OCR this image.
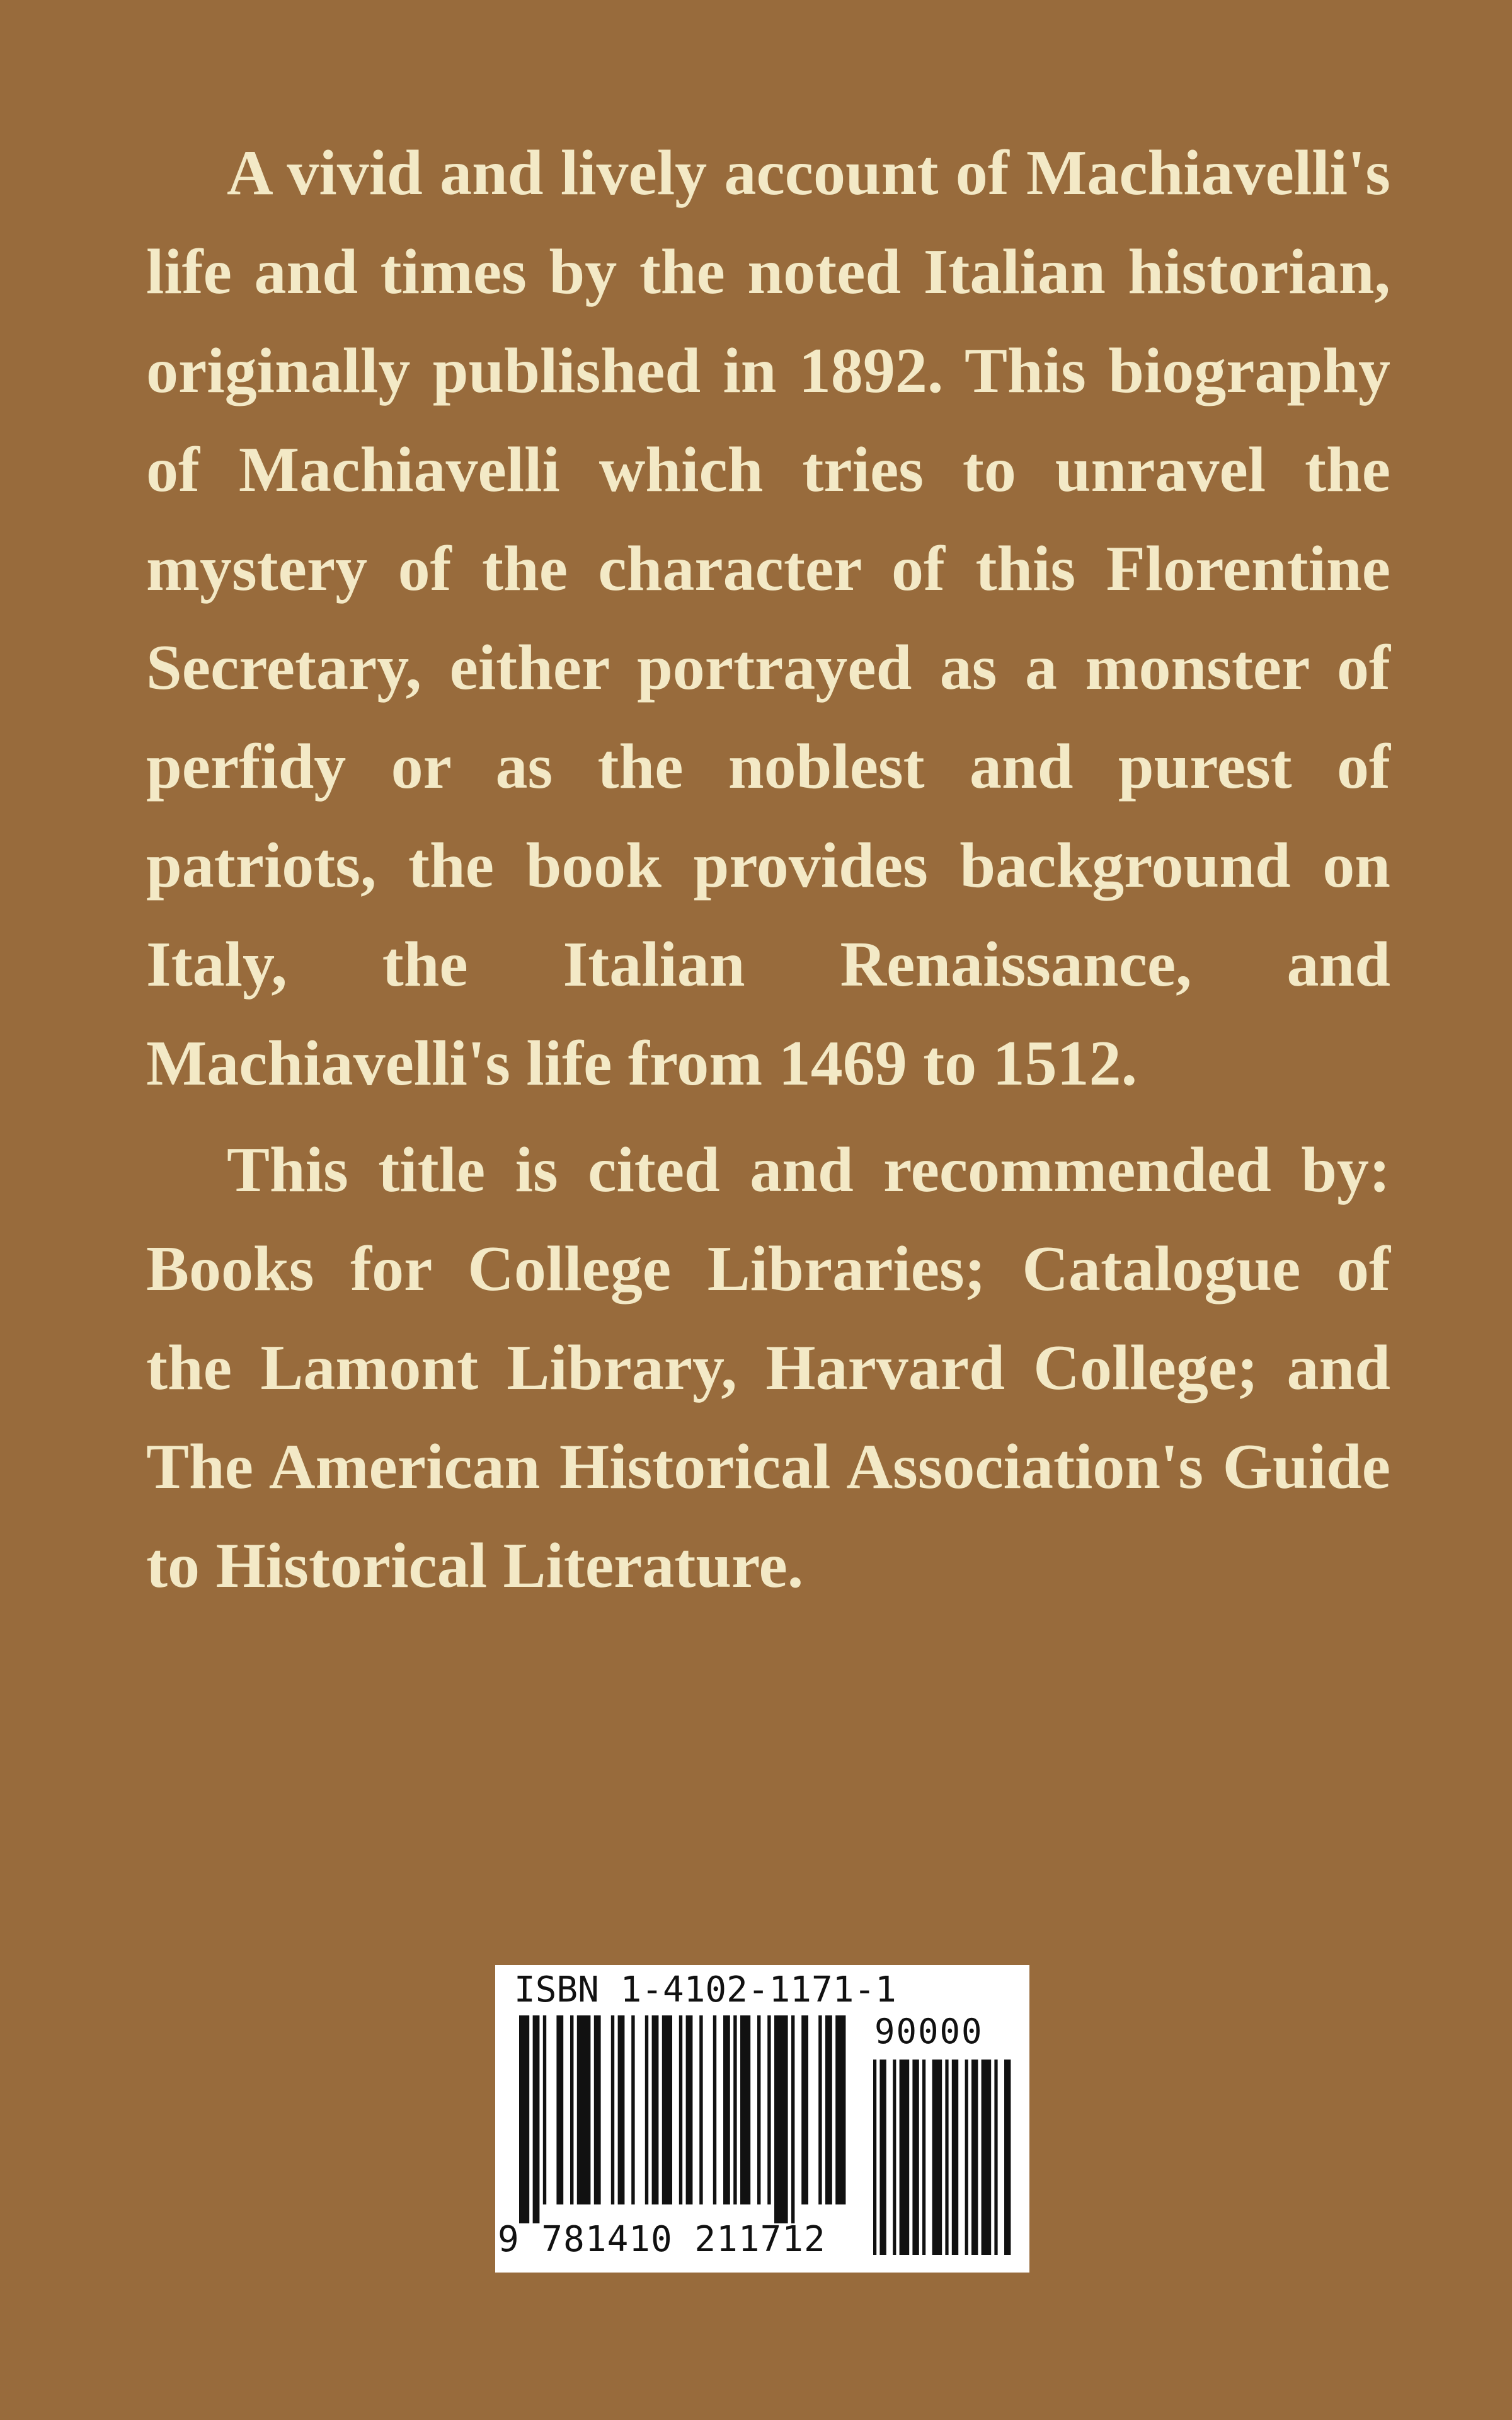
A vivid and lively account of Machiavelli's life and times by the noted Italian historian, originally published in 1892. This biography of Machiavelli which tries to unravel the mystery of the character of this Florentine Secretary, either portrayed as a monster of perfidy or as the noblest and purest of patriots, the book provides background on Italy, the Italian Renaissance, and Machiavelli's life from 1469 to 1512.

This title is cited and recommended by: Books for College Libraries; Catalogue of the Lamont Library, Harvard College; and The American Historical Association's Guide to Historical Literature.

ISBN 1-4102-1171-1
90000
9 781410 211712
